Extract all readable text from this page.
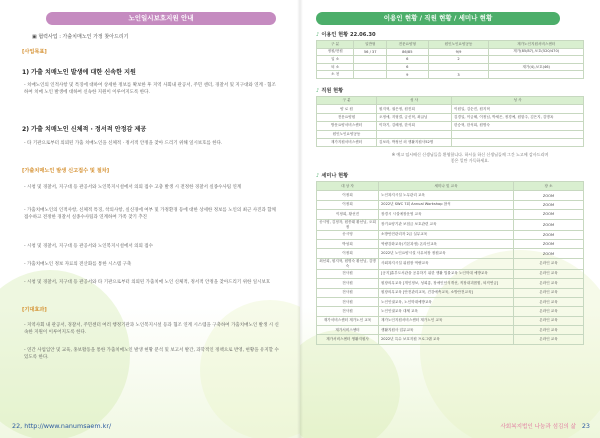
노인일시보호지원 안내
▣ 협력사업 : 가출치매노인 가정 찾아드리기
[사업목표]
1) 가출 치매노인 발생에 대한 신속한 지원
- 치매노인의 인적사항 및 특징에 대하여 상세한 정보를 확보한 후 지역 사회내 관공서, 주민 센터, 경찰서 및 지구대와 연계 · 협조하여 치매 노인 발생에 대하여 신속한 지원이 이루어지도록 한다.
2) 가출 치매노인 신체적 · 정서적 안정감 제공
- 타 기관으로부터 의뢰된 가출 치매노인을 신체적 · 정서적 안정을 찾아 드리기 위해 일시보호를 한다.
[가출치매노인 발생 신고접수 및 절차]
- 시청 및 경찰서, 지구대 등 관공서와 노인복지시설에서 의뢰 접수 고충 발생 시 전정한 경찰서 실종수사팀 연계
- 가출치매노인의 인적사항, 신체적 특징, 착의사항, 실신경에 여부 및 가정환경 등에 대한 상세한 정보를 노인의 최근 사진과 함께 접수하고 전정한 경찰서 실종수사팀과 연계하여 가족 찾기 추진
- 시청 및 경찰서, 지구대 등 관공서와 노인복지시설에서 의뢰 접수
- 가출치매노인 정보 자료의 전산화를 통한 시스템 구축
- 시청 및 경찰서, 지구대 등 관공서와 타 기관으로부터 의뢰된 가출치매 노인 신체적, 정서적 안정을 찾아드리기 위한 일시보호
[기대효과]
- 지역사회 내 관공서, 경찰서, 주민센터 여러 행정기관과 노인복지시설 등과 협조 연계 시스템을 구축하여 가출치매노인 발생 시 신속한 지원이 이루어지도록 한다.
- 연간 사업입안 및 교육, 홍보활동을 통한 가출치매노인 발생 현황 분석 및 보고서 발간, 과학적인 정책으로 반영, 현황을 유지할 수 있도록 한다.
22, http://www.nanumsaem.kr/
이용인 현황 / 직원 현황 / 세미나 현황
♪ 이용인 현황 22.06.30
구 분	일반형	전문요양형	원인노인요양공동	재가노인지원서비스센터
정원/현원	56 / 37	86/85	9/9	재가(85/87),보호(520/470)
입 소		6	2	
퇴 소		6		재가(4),보호(46)
소 천		9	3	
♪ 직원 현황
구 분	성 사	성 사
양 로 원	원지혁, 권은정, 원진희	이원일, 김순진, 원지혁
전문요양원	오정애, 지형결, 금신혁, 최글님	김경일, 이금혜, 이정님, 박세은, 정경예, 원함주, 김은지, 김명옥
방문요양서비스센터	이하기, 김혜정, 한석희	한승혁, 한석희, 원명숙
원인노인요양공동		
재가지원서비스센터	김보라, 박정선 외 생활지원사52명	
※ 예고 임시배신 신생님들을 환영합니다. 하시를 하신 신생님들께 그간 노고에 감사드리며 좋은 일만 가득하세요.
♪ 세미나 현황
대 상 자	세미나 및 교육	장 소
이정희	노인복지시설 노무관리 교육	ZOOM
이정희	2022년 SWC 7회 Annual Workshop 참석	ZOOM
이정희, 황선진	장경시 시설예장운영 교육	ZOOM
송시영, 김정자, 원종래 황선님, 오희정	장기요양기관 보험금 보호관련 교육	ZOOM
송시영	소방안전관리자 2급 실무교육	ZOOM
박성희	역량강화교육(기본과정) 온라인교육	ZOOM
이정희	2022년 노인요양시설 사무처장 정원교육	ZOOM
최선희, 원지혁, 원명숙 황선님, 김명숙	사회복지시설 위원장 역량교육	온라인 교육
전사원	[공지]휴부도서관을 공유하기 위한 생활 법률교육 노인학대 예방교육	온라인 교육
전사원	원장의무교육 [개인정보, 성희롱, 장애인인식개선, 직장내괴롭힘, 퇴직연금]	온라인 교육
전사원	원장의무교육 [안전관리교육, 건강예측교육, 소방안전교육]	온라인 교육
전사원	노인인권교육, 노인학대예방교육	온라인 교육
전사원	노인인권교육 대체 교육	온라인 교육
재가서비스센터 재가노인 교육	재가노인지원서비스센터 재가노인 교육	온라인 교육
재가서비스센터	생활지원사 업무교육	온라인 교육
재가서비스센터 생활지원사	2022년 특수 보호지원 프로그램 교육	온라인 교육
사회복지법인 나눔과 섬김의 삶 23
